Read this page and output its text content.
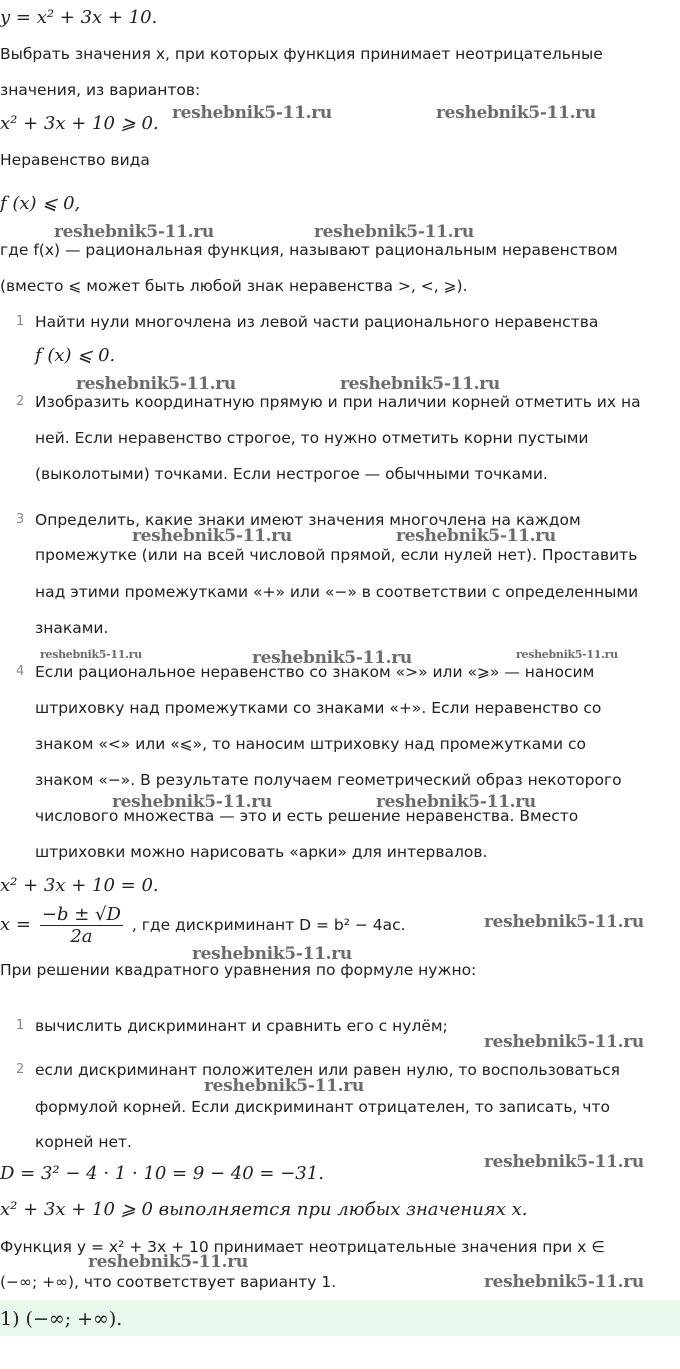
y = x² + 3x + 10.
Выбрать значения x, при которых функция принимает неотрицательные
значения, из вариантов:
x² + 3x + 10 ⩾ 0.
Неравенство вида
f (x) ⩽ 0,
где f(x) — рациональная функция, называют рациональным неравенством
(вместо ⩽ может быть любой знак неравенства >, <, ⩾).
1 Найти нули многочлена из левой части рационального неравенства
f (x) ⩽ 0.
2 Изобразить координатную прямую и при наличии корней отметить их на
ней. Если неравенство строгое, то нужно отметить корни пустыми
(выколотыми) точками. Если нестрогое — обычными точками.
3 Определить, какие знаки имеют значения многочлена на каждом
промежутке (или на всей числовой прямой, если нулей нет). Проставить
над этими промежутками «+» или «−» в соответствии с определенными
знаками.
4 Если рациональное неравенство со знаком «>» или «⩾» — наносим
штриховку над промежутками со знаками «+». Если неравенство со
знаком «<» или «⩽», то наносим штриховку над промежутками со
знаком «−». В результате получаем геометрический образ некоторого
числового множества — это и есть решение неравенства. Вместо
штриховки можно нарисовать «арки» для интервалов.
x² + 3x + 10 = 0.
$x = \frac{-b \pm √D}{2a}$ , где дискриминант D = b² − 4ac.
При решении квадратного уравнения по формуле нужно:
1 вычислить дискриминант и сравнить его с нулём;
2 если дискриминант положителен или равен нулю, то воспользоваться
формулой корней. Если дискриминант отрицателен, то записать, что
корней нет.
D = 3² − 4 · 1 · 10 = 9 − 40 = −31.
x² + 3x + 10 ⩾ 0 выполняется при любых значениях x.
Функция y = x² + 3x + 10 принимает неотрицательные значения при x ∈
(−∞; +∞), что соответствует варианту 1.
1) (−∞; +∞).
reshebnik5-11.ru	reshebnik5-11.ru
reshebnik5-11.ru	reshebnik5-11.ru
reshebnik5-11.ru	reshebnik5-11.ru
reshebnik5-11.ru	reshebnik5-11.ru
reshebnik5-11.ru	reshebnik5-11.ru	reshebnik5-11.ru
reshebnik5-11.ru	reshebnik5-11.ru
reshebnik5-11.ru
reshebnik5-11.ru
reshebnik5-11.ru
reshebnik5-11.ru
reshebnik5-11.ru
reshebnik5-11.ru
reshebnik5-11.ru
